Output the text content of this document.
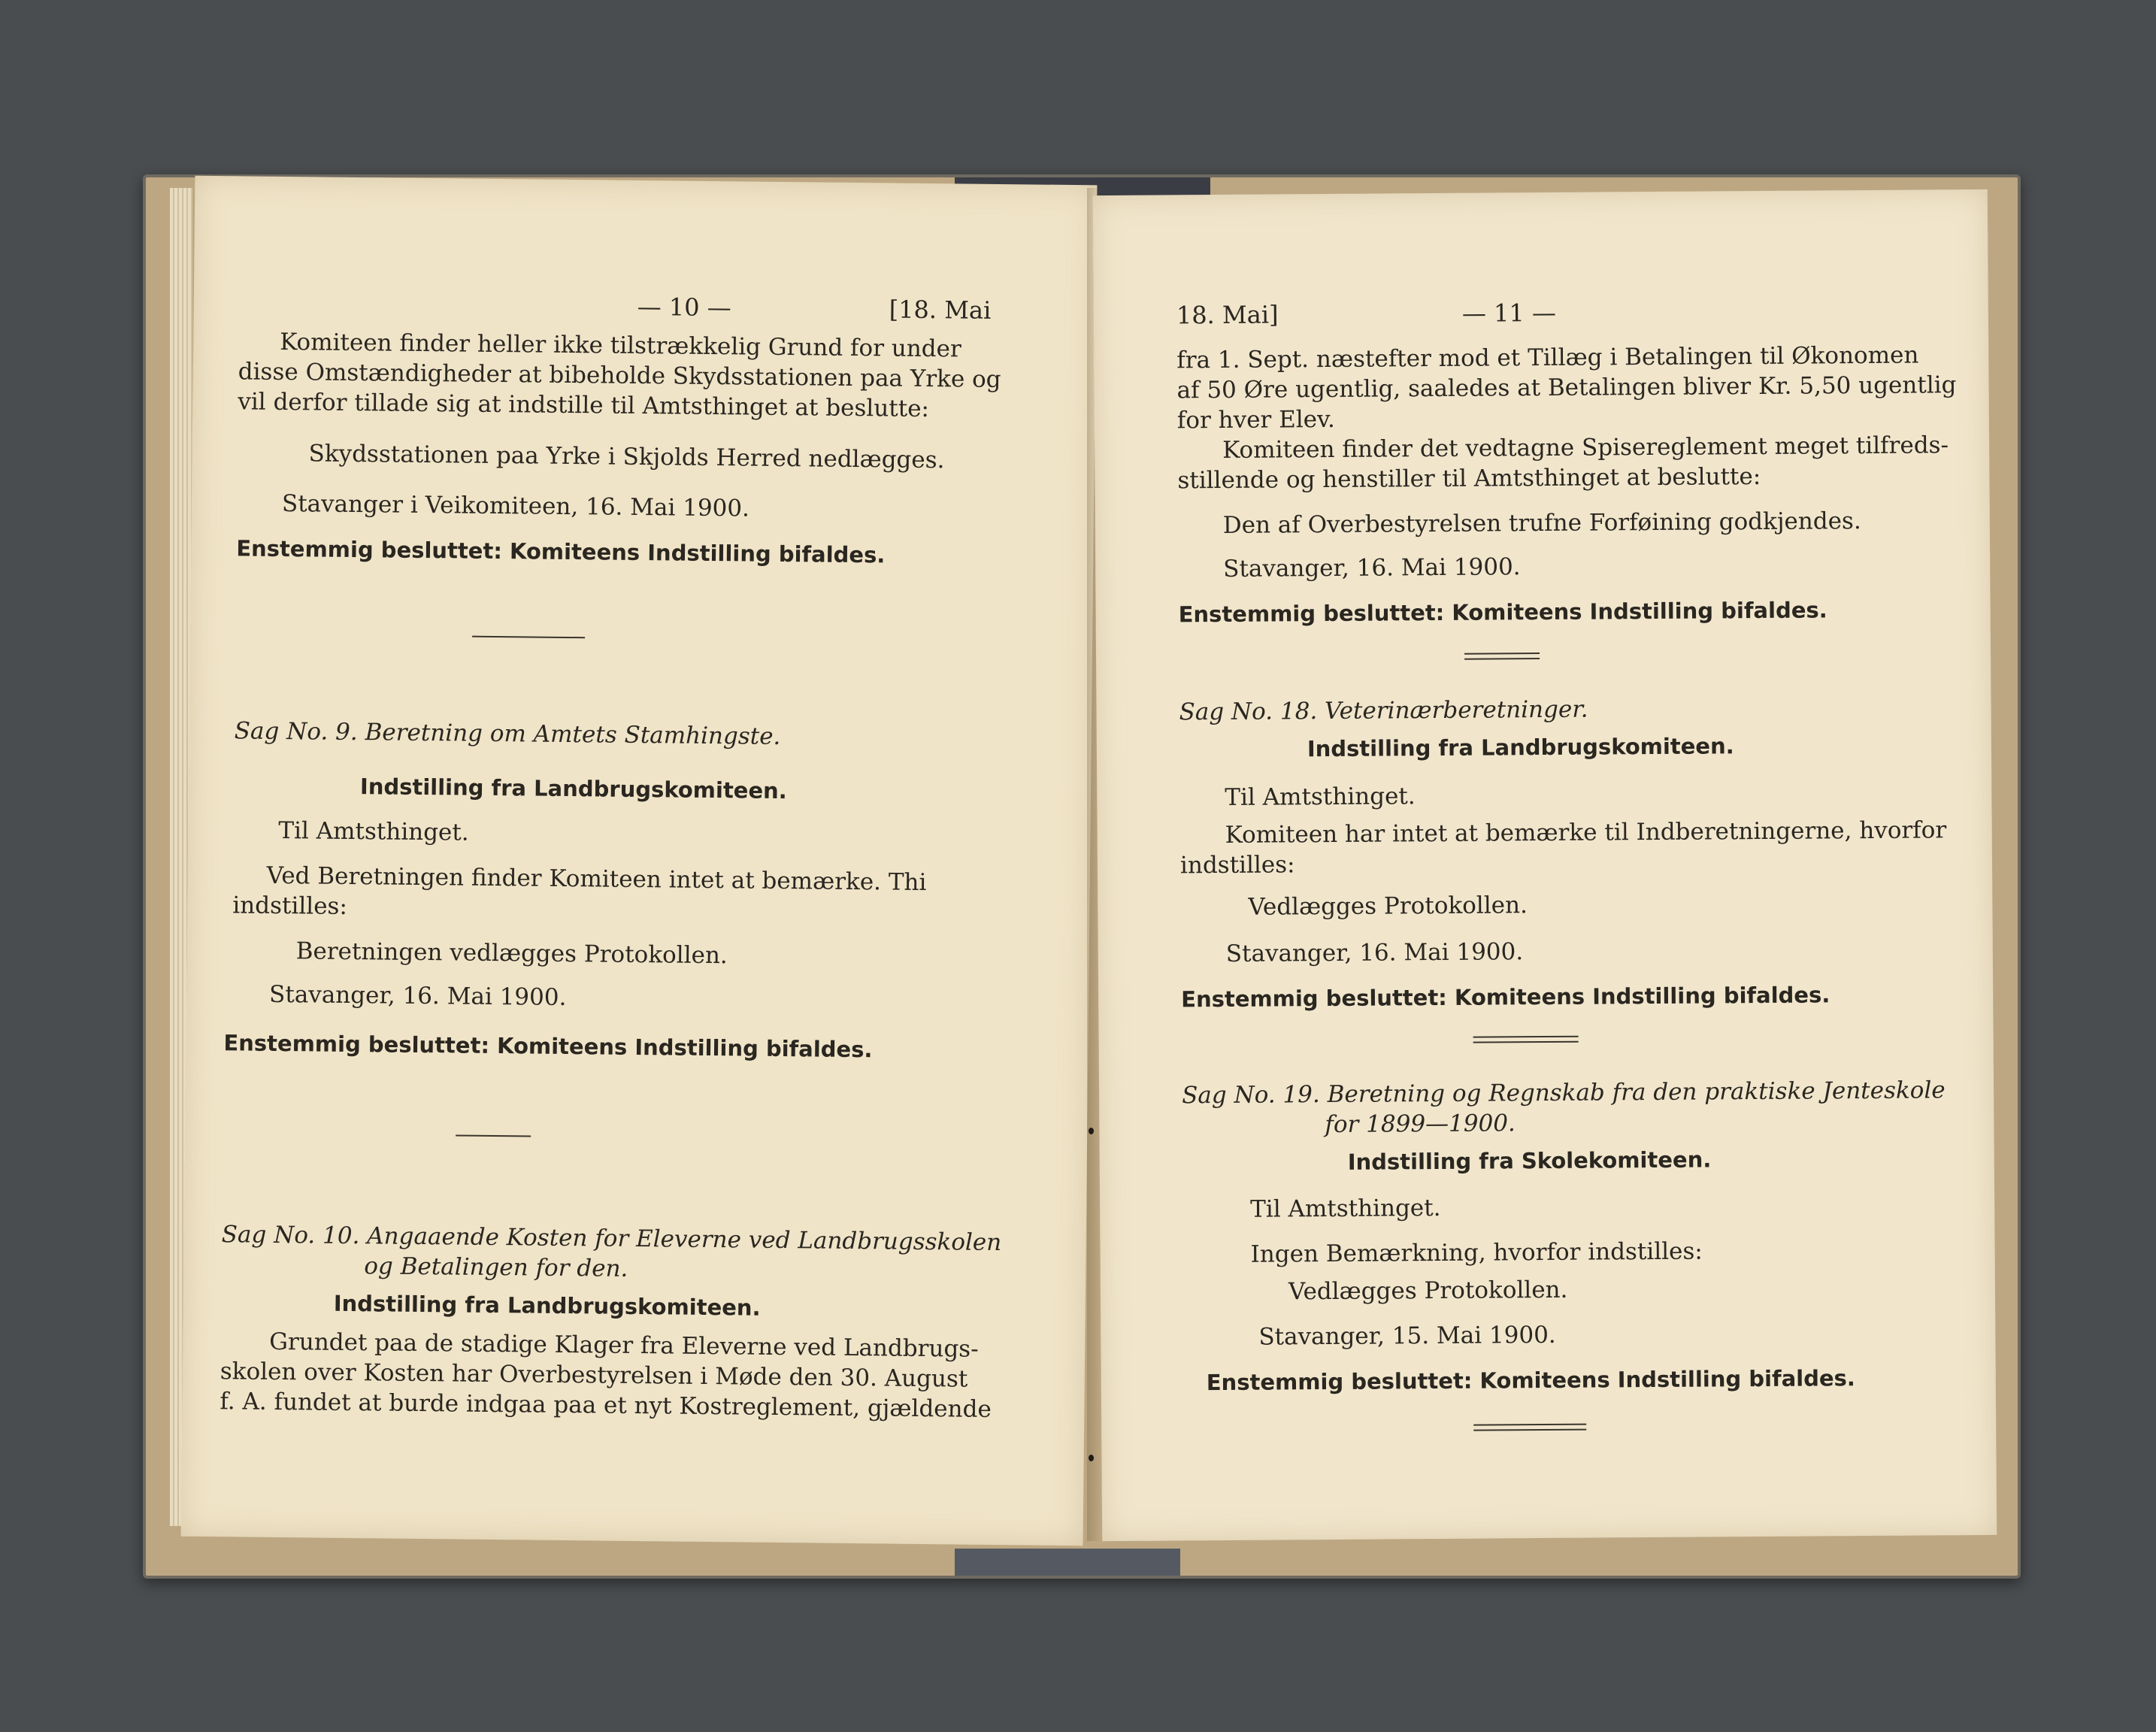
— 10 —	[18. Mai
Komiteen finder heller ikke tilstrækkelig Grund for under
disse Omstændigheder at bibeholde Skydsstationen paa Yrke og
vil derfor tillade sig at indstille til Amtsthinget at beslutte:
Skydsstationen paa Yrke i Skjolds Herred nedlægges.
Stavanger i Veikomiteen, 16. Mai 1900.
Enstemmig besluttet: Komiteens Indstilling bifaldes.
Sag No. 9. Beretning om Amtets Stamhingste.
Indstilling fra Landbrugskomiteen.
Til Amtsthinget.
Ved Beretningen finder Komiteen intet at bemærke. Thi
indstilles:
Beretningen vedlægges Protokollen.
Stavanger, 16. Mai 1900.
Enstemmig besluttet: Komiteens Indstilling bifaldes.
Sag No. 10. Angaaende Kosten for Eleverne ved Landbrugsskolen
og Betalingen for den.
Indstilling fra Landbrugskomiteen.
Grundet paa de stadige Klager fra Eleverne ved Landbrugs-
skolen over Kosten har Overbestyrelsen i Møde den 30. August
f. A. fundet at burde indgaa paa et nyt Kostreglement, gjældende
18. Mai]	— 11 —
fra 1. Sept. næstefter mod et Tillæg i Betalingen til Økonomen
af 50 Øre ugentlig, saaledes at Betalingen bliver Kr. 5,50 ugentlig
for hver Elev.
Komiteen finder det vedtagne Spisereglement meget tilfreds-
stillende og henstiller til Amtsthinget at beslutte:
Den af Overbestyrelsen trufne Forføining godkjendes.
Stavanger, 16. Mai 1900.
Enstemmig besluttet: Komiteens Indstilling bifaldes.
Sag No. 18. Veterinærberetninger.
Indstilling fra Landbrugskomiteen.
Til Amtsthinget.
Komiteen har intet at bemærke til Indberetningerne, hvorfor
indstilles:
Vedlægges Protokollen.
Stavanger, 16. Mai 1900.
Enstemmig besluttet: Komiteens Indstilling bifaldes.
Sag No. 19. Beretning og Regnskab fra den praktiske Jenteskole
for 1899—1900.
Indstilling fra Skolekomiteen.
Til Amtsthinget.
Ingen Bemærkning, hvorfor indstilles:
Vedlægges Protokollen.
Stavanger, 15. Mai 1900.
Enstemmig besluttet: Komiteens Indstilling bifaldes.
